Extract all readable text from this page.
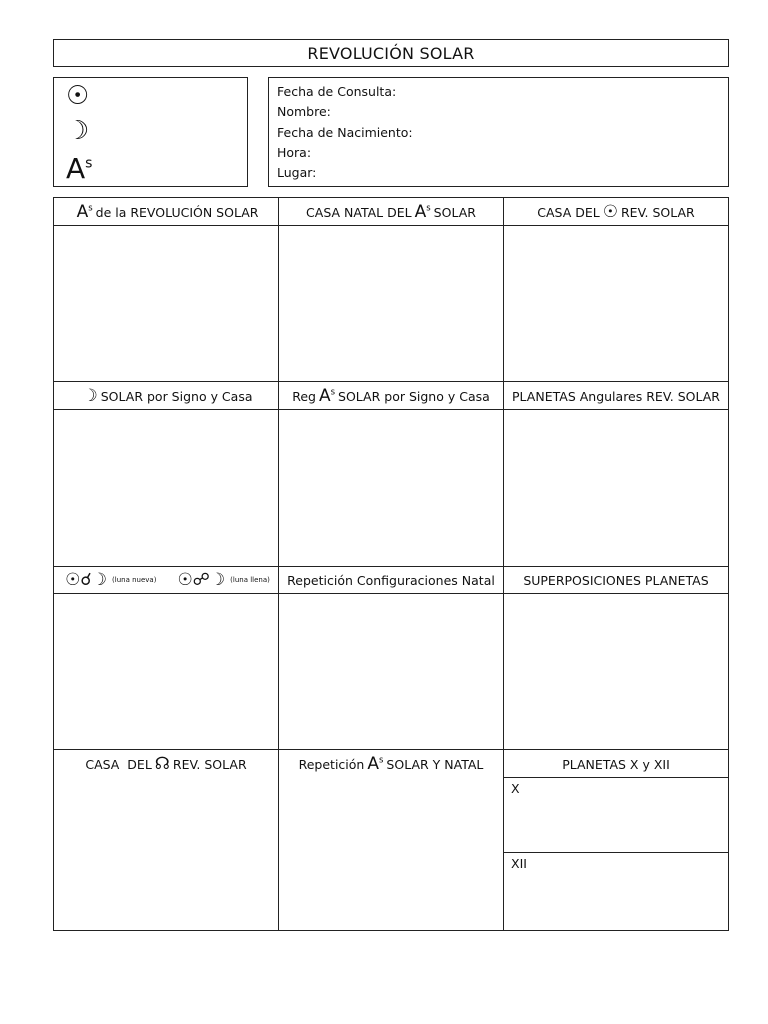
REVOLUCIÓN SOLAR
☉
☽
$A^s$
Fecha de Consulta:
Nombre:
Fecha de Nacimiento:
Hora:
Lugar:
$A^s$ de la REVOLUCIÓN SOLAR	CASA NATAL DEL $A^s$ SOLAR	CASA DEL ☉ REV. SOLAR
☽ SOLAR por Signo y Casa	Reg $A^s$ SOLAR por Signo y Casa	PLANETAS Angulares REV. SOLAR
☉☌☽ (luna nueva) ☉☍☽ (luna llena)	Repetición Configuraciones Natal	SUPERPOSICIONES PLANETAS
CASA  DEL ☊ REV. SOLAR	Repetición $A^s$ SOLAR Y NATAL	PLANETAS X y XII
X
XII
